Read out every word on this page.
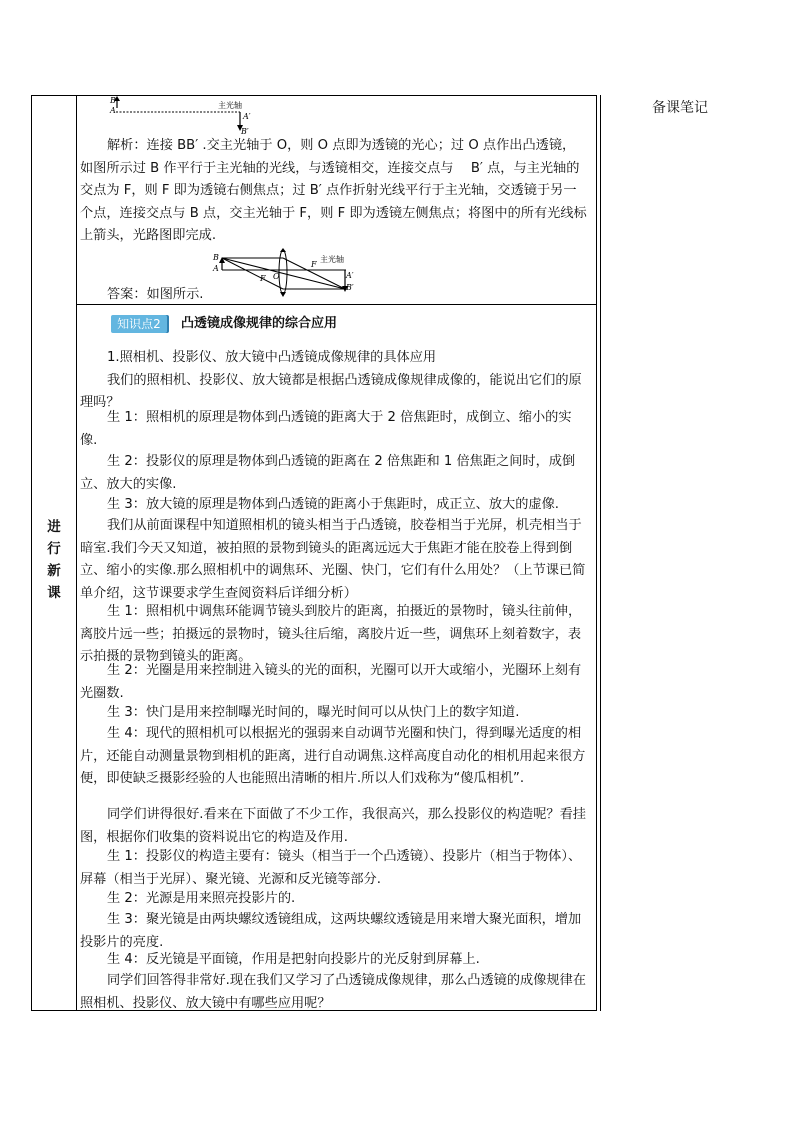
备课笔记
进
行
新
课
B
A
主光轴
A′
B′

解析：连接 BB′ .交主光轴于 O，则 O 点即为透镜的光心；过 O 点作出凸透镜，如图所示过 B 作平行于主光轴的光线，与透镜相交，连接交点与　 B′ 点，与主光轴的交点为 F，则 F 即为透镜右侧焦点；过 B′ 点作折射光线平行于主光轴，交透镜于另一个点，连接交点与 B 点，交主光轴于 F，则 F 即为透镜左侧焦点；将图中的所有光线标上箭头，光路图即完成.

B
A
F O
F
主光轴
A′
B′

答案：如图所示.

知识点2	凸透镜成像规律的综合应用

1.照相机、投影仪、放大镜中凸透镜成像规律的具体应用

我们的照相机、投影仪、放大镜都是根据凸透镜成像规律成像的，能说出它们的原理吗？

生 1：照相机的原理是物体到凸透镜的距离大于 2 倍焦距时，成倒立、缩小的实像.

生 2：投影仪的原理是物体到凸透镜的距离在 2 倍焦距和 1 倍焦距之间时，成倒立、放大的实像.

生 3：放大镜的原理是物体到凸透镜的距离小于焦距时，成正立、放大的虚像.

我们从前面课程中知道照相机的镜头相当于凸透镜，胶卷相当于光屏，机壳相当于暗室.我们今天又知道，被拍照的景物到镜头的距离远远大于焦距才能在胶卷上得到倒立、缩小的实像.那么照相机中的调焦环、光圈、快门，它们有什么用处？（上节课已简单介绍，这节课要求学生查阅资料后详细分析）

生 1：照相机中调焦环能调节镜头到胶片的距离，拍摄近的景物时，镜头往前伸，离胶片远一些；拍摄远的景物时，镜头往后缩，离胶片近一些，调焦环上刻着数字，表示拍摄的景物到镜头的距离。

生 2：光圈是用来控制进入镜头的光的面积，光圈可以开大或缩小，光圈环上刻有光圈数.

生 3：快门是用来控制曝光时间的，曝光时间可以从快门上的数字知道.

生 4：现代的照相机可以根据光的强弱来自动调节光圈和快门，得到曝光适度的相片，还能自动测量景物到相机的距离，进行自动调焦.这样高度自动化的相机用起来很方便，即使缺乏摄影经验的人也能照出清晰的相片.所以人们戏称为“傻瓜相机”.

同学们讲得很好.看来在下面做了不少工作，我很高兴，那么投影仪的构造呢？看挂图，根据你们收集的资料说出它的构造及作用.

生 1：投影仪的构造主要有：镜头（相当于一个凸透镜）、投影片（相当于物体）、屏幕（相当于光屏）、聚光镜、光源和反光镜等部分.

生 2：光源是用来照亮投影片的.

生 3：聚光镜是由两块螺纹透镜组成，这两块螺纹透镜是用来增大聚光面积，增加投影片的亮度.

生 4：反光镜是平面镜，作用是把射向投影片的光反射到屏幕上.

同学们回答得非常好.现在我们又学习了凸透镜成像规律，那么凸透镜的成像规律在照相机、投影仪、放大镜中有哪些应用呢？
